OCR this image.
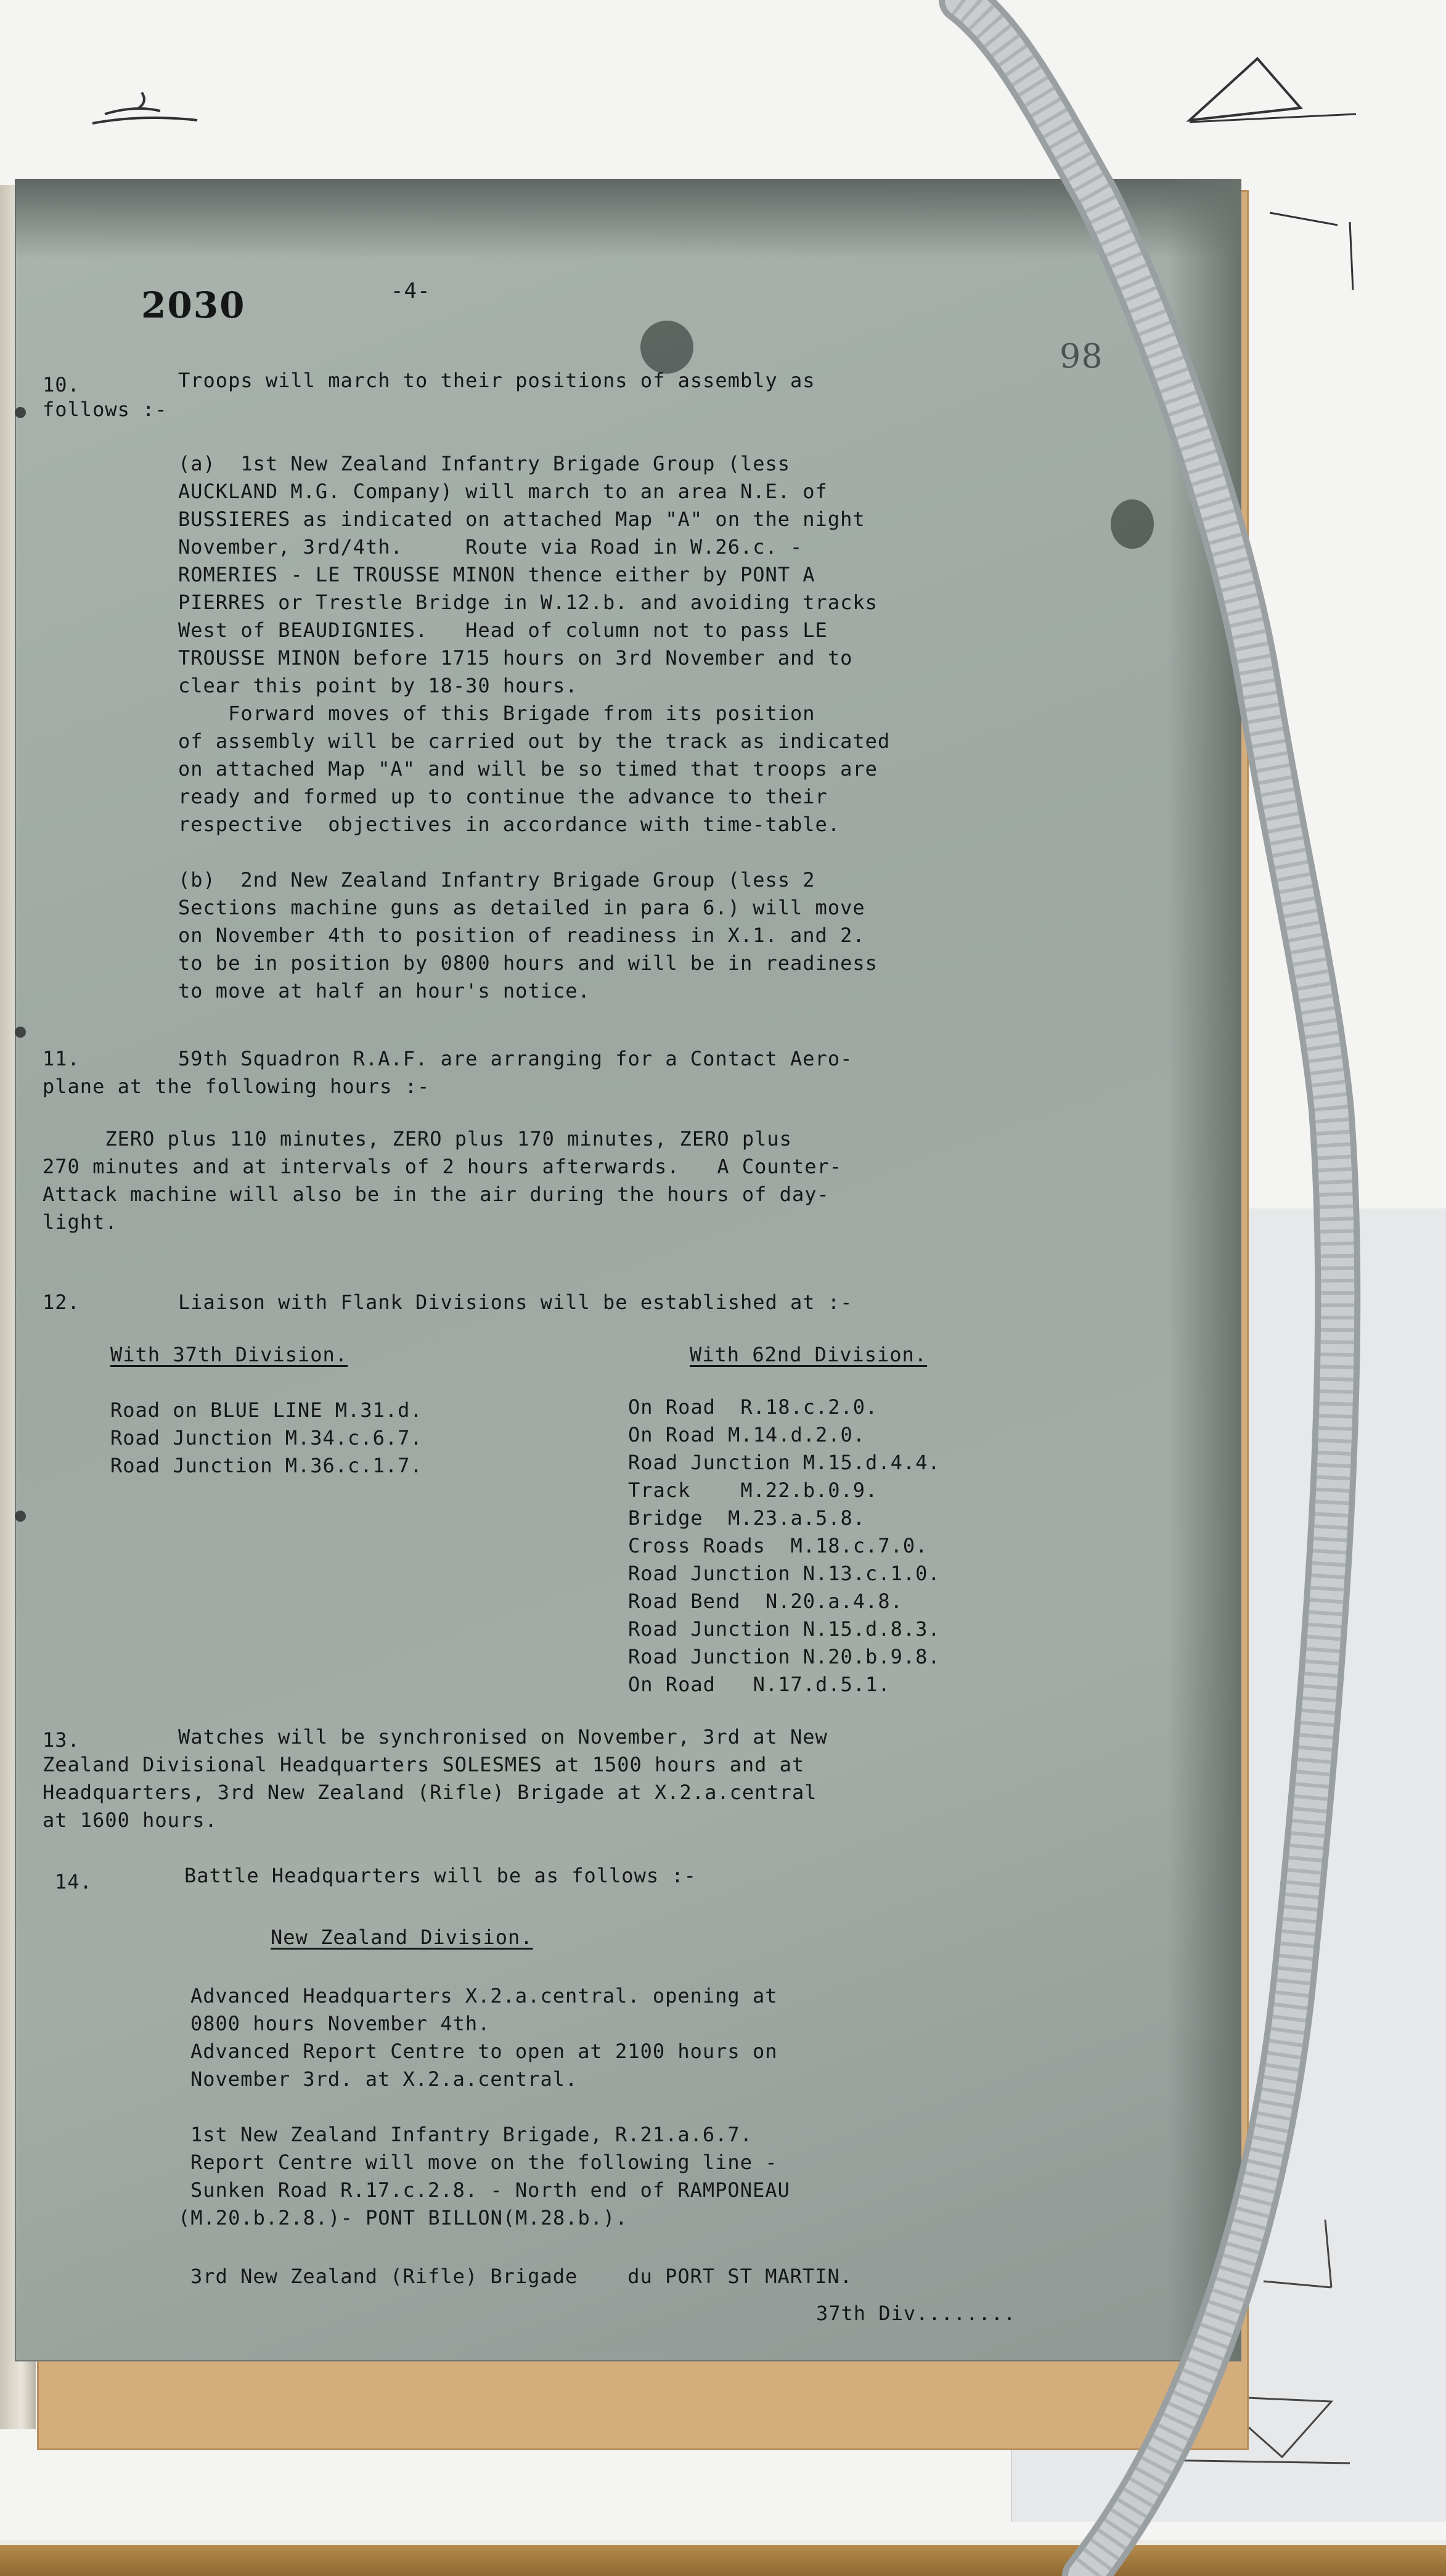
2030	-4-
98
10.	Troops will march to their positions of assembly as
follows :-
(a)  1st New Zealand Infantry Brigade Group (less
AUCKLAND M.G. Company) will march to an area N.E. of
BUSSIERES as indicated on attached Map "A" on the night
November, 3rd/4th.     Route via Road in W.26.c. -
ROMERIES - LE TROUSSE MINON thence either by PONT A
PIERRES or Trestle Bridge in W.12.b. and avoiding tracks
West of BEAUDIGNIES.   Head of column not to pass LE
TROUSSE MINON before 1715 hours on 3rd November and to
clear this point by 18-30 hours.
Forward moves of this Brigade from its position
of assembly will be carried out by the track as indicated
on attached Map "A" and will be so timed that troops are
ready and formed up to continue the advance to their
respective  objectives in accordance with time-table.
(b)  2nd New Zealand Infantry Brigade Group (less 2
Sections machine guns as detailed in para 6.) will move
on November 4th to position of readiness in X.1. and 2.
to be in position by 0800 hours and will be in readiness
to move at half an hour's notice.
11.	59th Squadron R.A.F. are arranging for a Contact Aero-
plane at the following hours :-
ZERO plus 110 minutes, ZERO plus 170 minutes, ZERO plus
270 minutes and at intervals of 2 hours afterwards.   A Counter-
Attack machine will also be in the air during the hours of day-
light.
12.	Liaison with Flank Divisions will be established at :-
With 37th Division.	With 62nd Division.
Road on BLUE LINE M.31.d.
Road Junction M.34.c.6.7.
Road Junction M.36.c.1.7.
On Road  R.18.c.2.0.
On Road M.14.d.2.0.
Road Junction M.15.d.4.4.
Track    M.22.b.0.9.
Bridge  M.23.a.5.8.
Cross Roads  M.18.c.7.0.
Road Junction N.13.c.1.0.
Road Bend  N.20.a.4.8.
Road Junction N.15.d.8.3.
Road Junction N.20.b.9.8.
On Road   N.17.d.5.1.
13.	Watches will be synchronised on November, 3rd at New
Zealand Divisional Headquarters SOLESMES at 1500 hours and at
Headquarters, 3rd New Zealand (Rifle) Brigade at X.2.a.central
at 1600 hours.
14.	Battle Headquarters will be as follows :-
New Zealand Division.
Advanced Headquarters X.2.a.central. opening at
0800 hours November 4th.
Advanced Report Centre to open at 2100 hours on
November 3rd. at X.2.a.central.
1st New Zealand Infantry Brigade, R.21.a.6.7.
Report Centre will move on the following line -
Sunken Road R.17.c.2.8. - North end of RAMPONEAU
(M.20.b.2.8.)- PONT BILLON(M.28.b.).
3rd New Zealand (Rifle) Brigade    du PORT ST MARTIN.
37th Div........
